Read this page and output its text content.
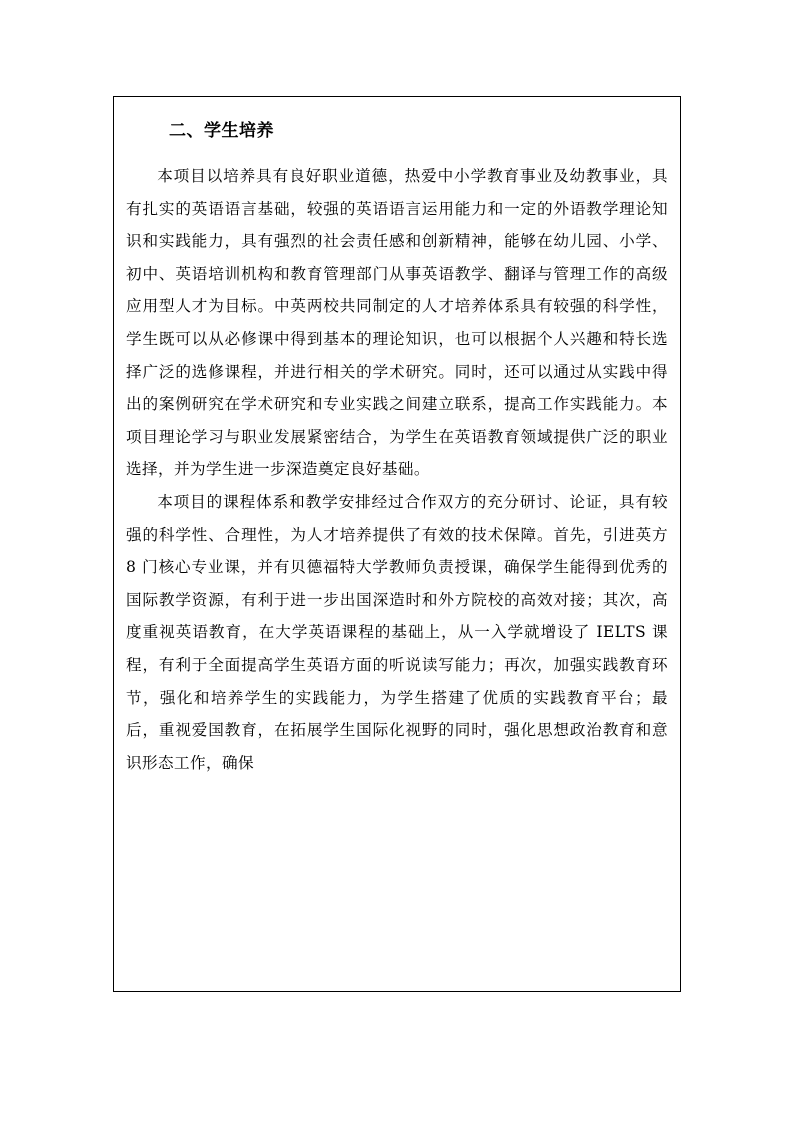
二、学生培养

本项目以培养具有良好职业道德，热爱中小学教育事业及幼教事业，具有扎实的英语语言基础，较强的英语语言运用能力和一定的外语教学理论知识和实践能力，具有强烈的社会责任感和创新精神，能够在幼儿园、小学、初中、英语培训机构和教育管理部门从事英语教学、翻译与管理工作的高级应用型人才为目标。中英两校共同制定的人才培养体系具有较强的科学性，学生既可以从必修课中得到基本的理论知识，也可以根据个人兴趣和特长选择广泛的选修课程，并进行相关的学术研究。同时，还可以通过从实践中得出的案例研究在学术研究和专业实践之间建立联系，提高工作实践能力。本项目理论学习与职业发展紧密结合，为学生在英语教育领域提供广泛的职业选择，并为学生进一步深造奠定良好基础。

本项目的课程体系和教学安排经过合作双方的充分研讨、论证，具有较强的科学性、合理性，为人才培养提供了有效的技术保障。首先，引进英方 8 门核心专业课，并有贝德福特大学教师负责授课，确保学生能得到优秀的国际教学资源，有利于进一步出国深造时和外方院校的高效对接；其次，高度重视英语教育，在大学英语课程的基础上，从一入学就增设了 IELTS 课程，有利于全面提高学生英语方面的听说读写能力；再次，加强实践教育环节，强化和培养学生的实践能力，为学生搭建了优质的实践教育平台；最后，重视爱国教育，在拓展学生国际化视野的同时，强化思想政治教育和意识形态工作，确保
